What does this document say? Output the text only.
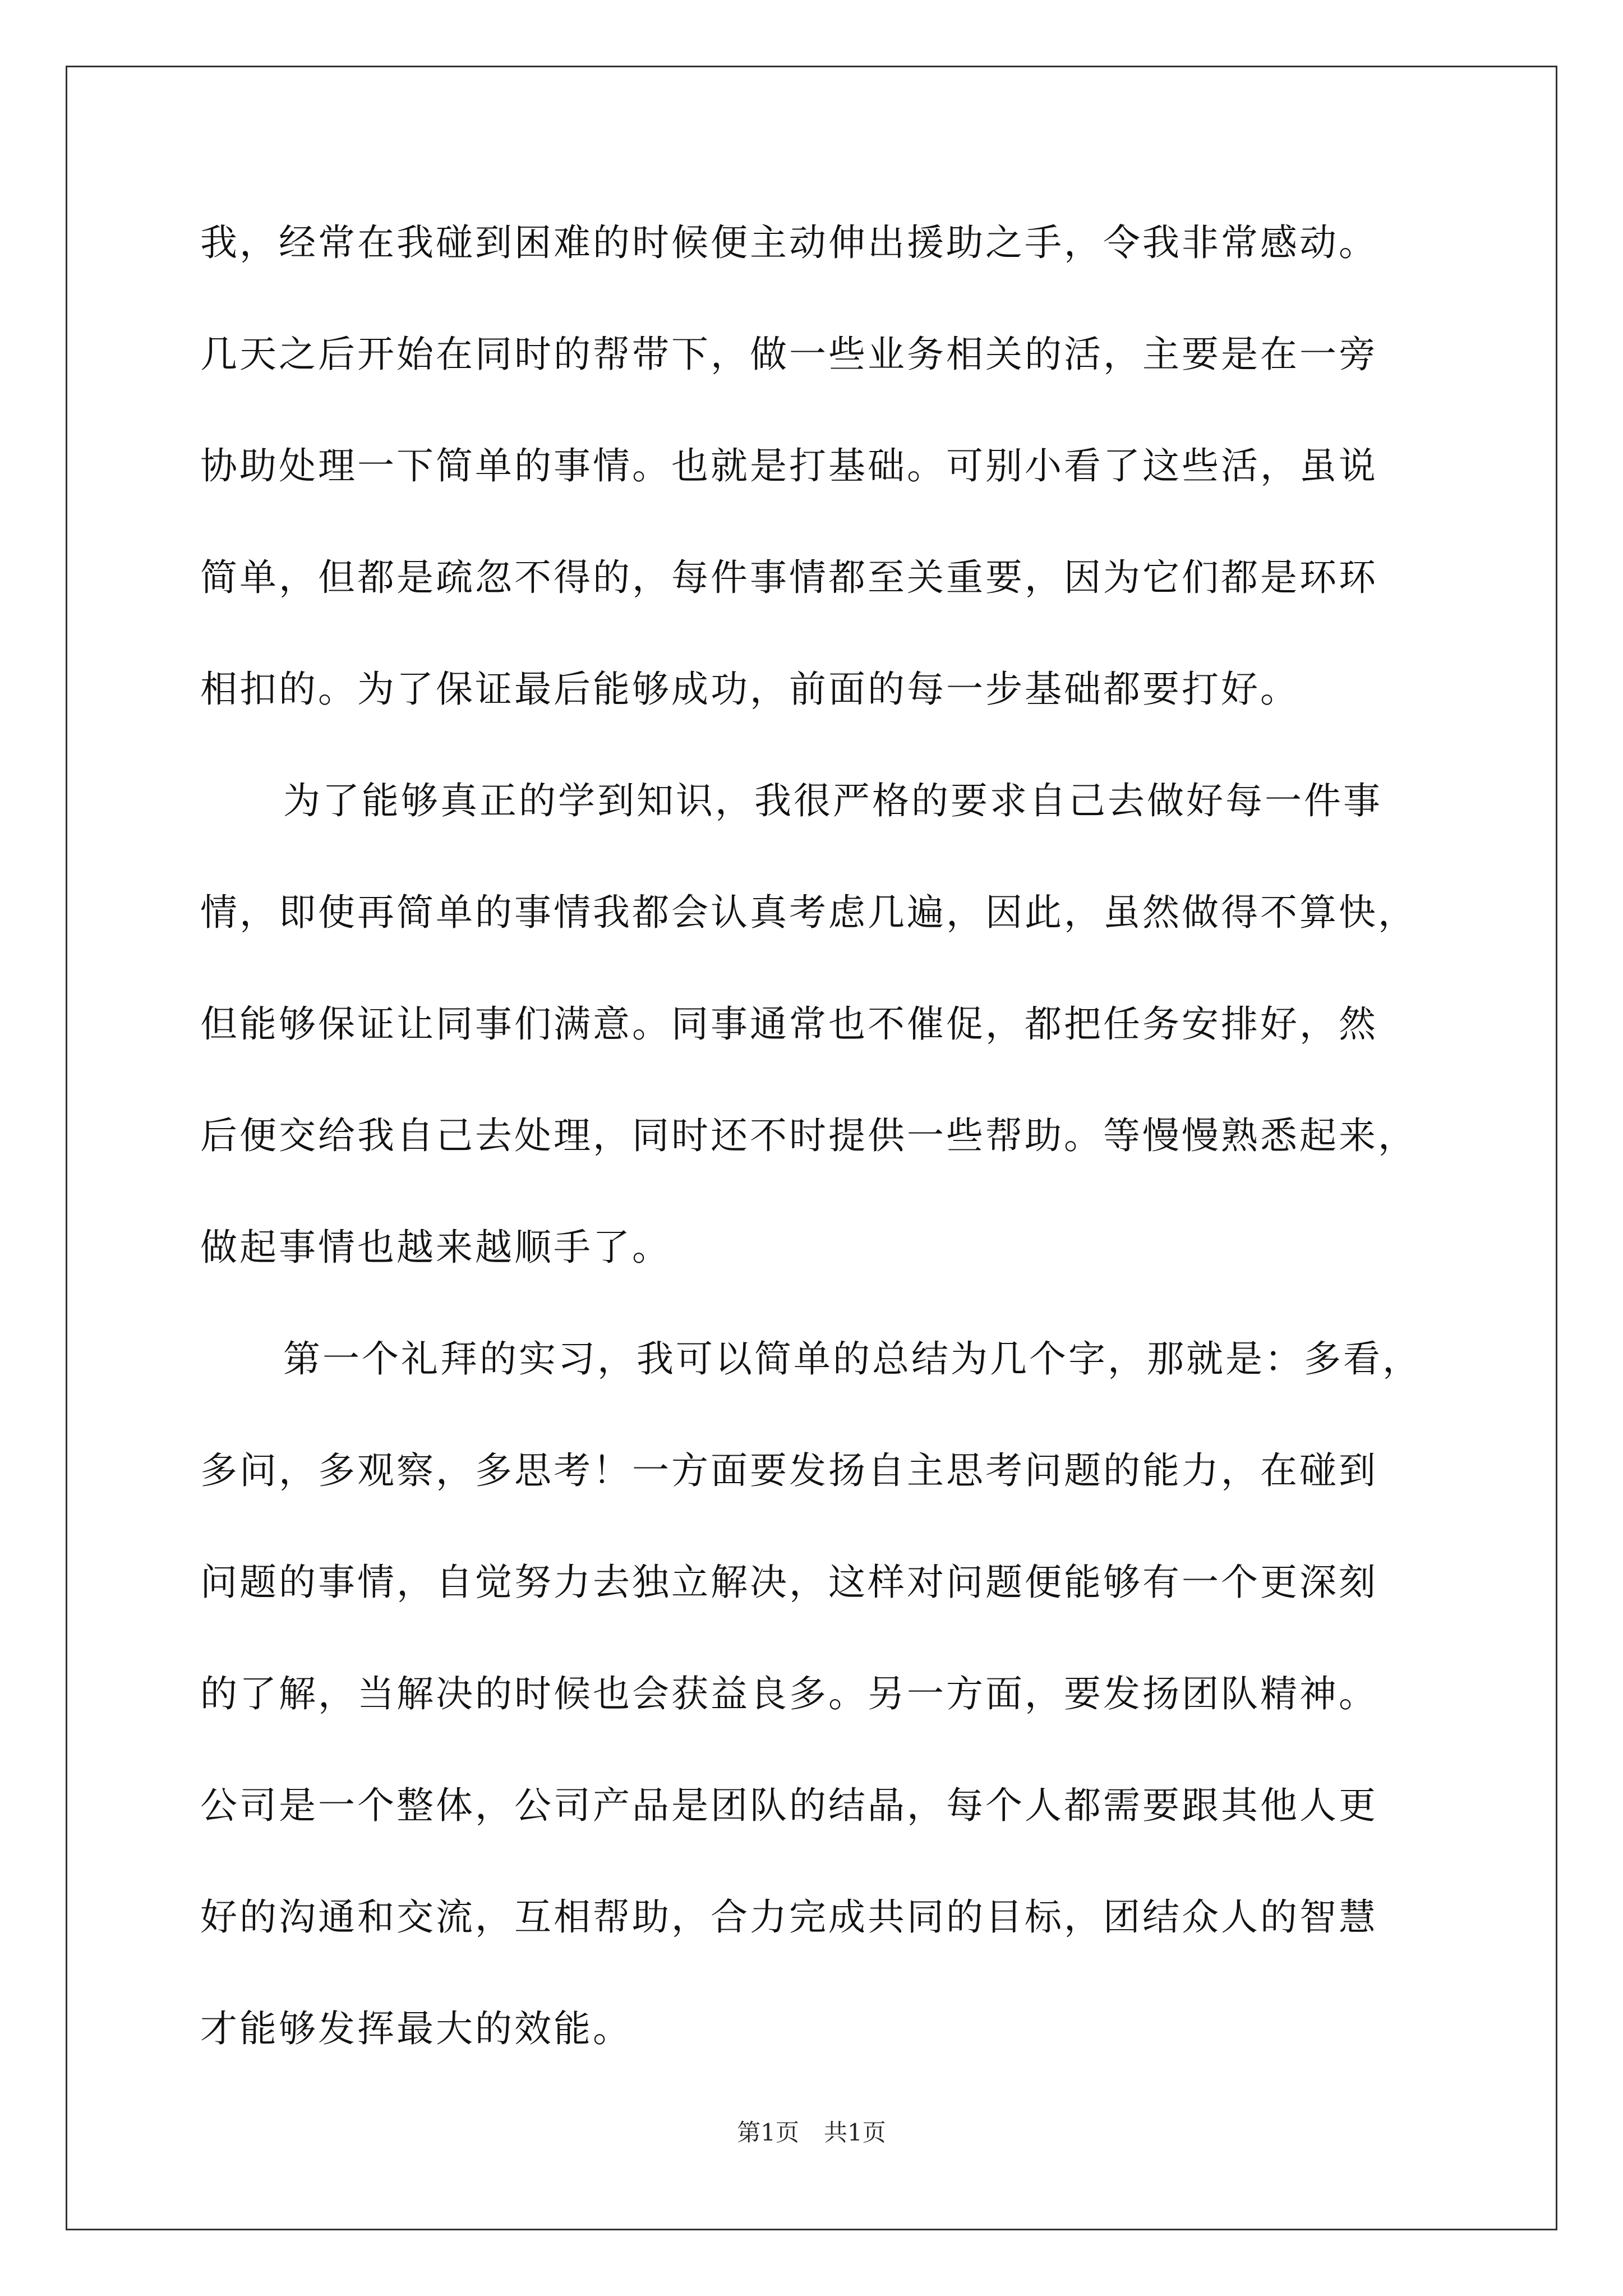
我，经常在我碰到困难的时候便主动伸出援助之手，令我非常感动。
几天之后开始在同时的帮带下，做一些业务相关的活，主要是在一旁
协助处理一下简单的事情。也就是打基础。可别小看了这些活，虽说
简单，但都是疏忽不得的，每件事情都至关重要，因为它们都是环环
相扣的。为了保证最后能够成功，前面的每一步基础都要打好。
为了能够真正的学到知识，我很严格的要求自己去做好每一件事
情，即使再简单的事情我都会认真考虑几遍，因此，虽然做得不算快，
但能够保证让同事们满意。同事通常也不催促，都把任务安排好，然
后便交给我自己去处理，同时还不时提供一些帮助。等慢慢熟悉起来，
做起事情也越来越顺手了。
第一个礼拜的实习，我可以简单的总结为几个字，那就是：多看，
多问，多观察，多思考！一方面要发扬自主思考问题的能力，在碰到
问题的事情，自觉努力去独立解决，这样对问题便能够有一个更深刻
的了解，当解决的时候也会获益良多。另一方面，要发扬团队精神。
公司是一个整体，公司产品是团队的结晶，每个人都需要跟其他人更
好的沟通和交流，互相帮助，合力完成共同的目标，团结众人的智慧
才能够发挥最大的效能。
第1页 共1页
